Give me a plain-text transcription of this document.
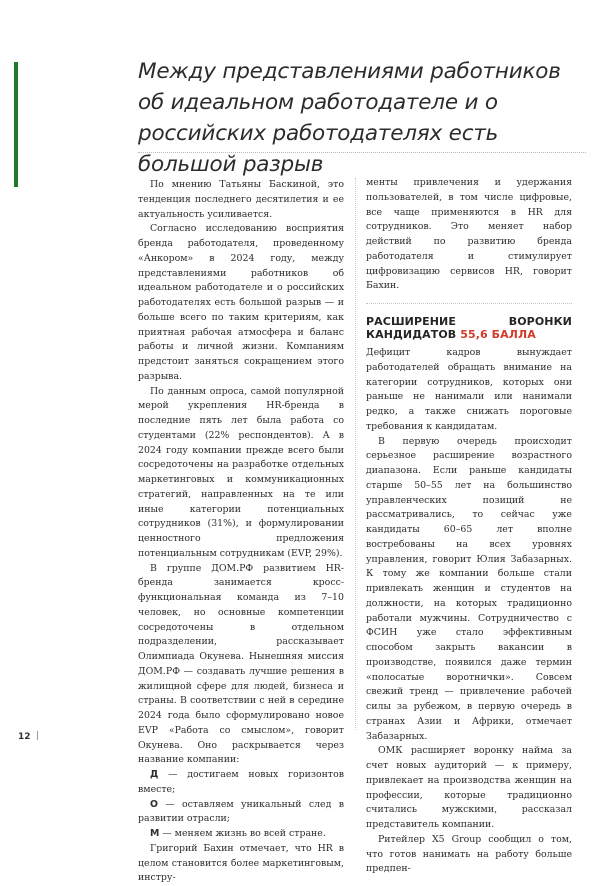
Между представлениями работников об идеальном работодателе и о российских работодателях есть большой разрыв

По мнению Татьяны Баскиной, это тенденция последнего десятилетия и ее актуальность усиливается.

Согласно исследованию восприятия бренда работодателя, проведенному «Анкором» в 2024 году, между представлениями работников об идеальном работодателе и о российских работодателях есть большой разрыв — и больше всего по таким критериям, как приятная рабочая атмосфера и баланс работы и личной жизни. Компаниям предстоит заняться сокращением этого разрыва.

По данным опроса, самой популярной мерой укрепления HR-бренда в последние пять лет была работа со студентами (22% респондентов). А в 2024 году компании прежде всего были сосредоточены на разработке отдельных маркетинговых и коммуникационных стратегий, направленных на те или иные категории потенциальных сотрудников (31%), и формулировании ценностного предложения потенциальным сотрудникам (EVP, 29%).

В группе ДОМ.РФ развитием HR-бренда занимается кросс-функциональная команда из 7–10 человек, но основные компетенции сосредоточены в отдельном подразделении, рассказывает Олимпиада Окунева. Нынешняя миссия ДОМ.РФ — создавать лучшие решения в жилищной сфере для людей, бизнеса и страны. В соответствии с ней в середине 2024 года было сформулировано новое EVP «Работа со смыслом», говорит Окунева. Оно раскрывается через название компании:

Д — достигаем новых горизонтов вместе;

О — оставляем уникальный след в развитии отрасли;

М — меняем жизнь во всей стране.

Григорий Бахин отмечает, что HR в целом становится более маркетинговым, инстру-

менты привлечения и удержания пользователей, в том числе цифровые, все чаще применяются в HR для сотрудников. Это меняет набор действий по развитию бренда работодателя и стимулирует цифровизацию сервисов HR, говорит Бахин.

РАСШИРЕНИЕ ВОРОНКИ КАНДИДАТОВ 55,6 БАЛЛА

Дефицит кадров вынуждает работодателей обращать внимание на категории сотрудников, которых они раньше не нанимали или нанимали редко, а также снижать пороговые требования к кандидатам.

В первую очередь происходит серьезное расширение возрастного диапазона. Если раньше кандидаты старше 50–55 лет на большинство управленческих позиций не рассматривались, то сейчас уже кандидаты 60–65 лет вполне востребованы на всех уровнях управления, говорит Юлия Забазарных. К тому же компании больше стали привлекать женщин и студентов на должности, на которых традиционно работали мужчины. Сотрудничество с ФСИН уже стало эффективным способом закрыть вакансии в производстве, появился даже термин «полосатые воротнички». Совсем свежий тренд — привлечение рабочей силы за рубежом, в первую очередь в странах Азии и Африки, отмечает Забазарных.

ОМК расширяет воронку найма за счет новых аудиторий — к примеру, привлекает на производства женщин на профессии, которые традиционно считались мужскими, рассказал представитель компании.

Ритейлер X5 Group сообщил о том, что готов нанимать на работу больше предпен-

12
